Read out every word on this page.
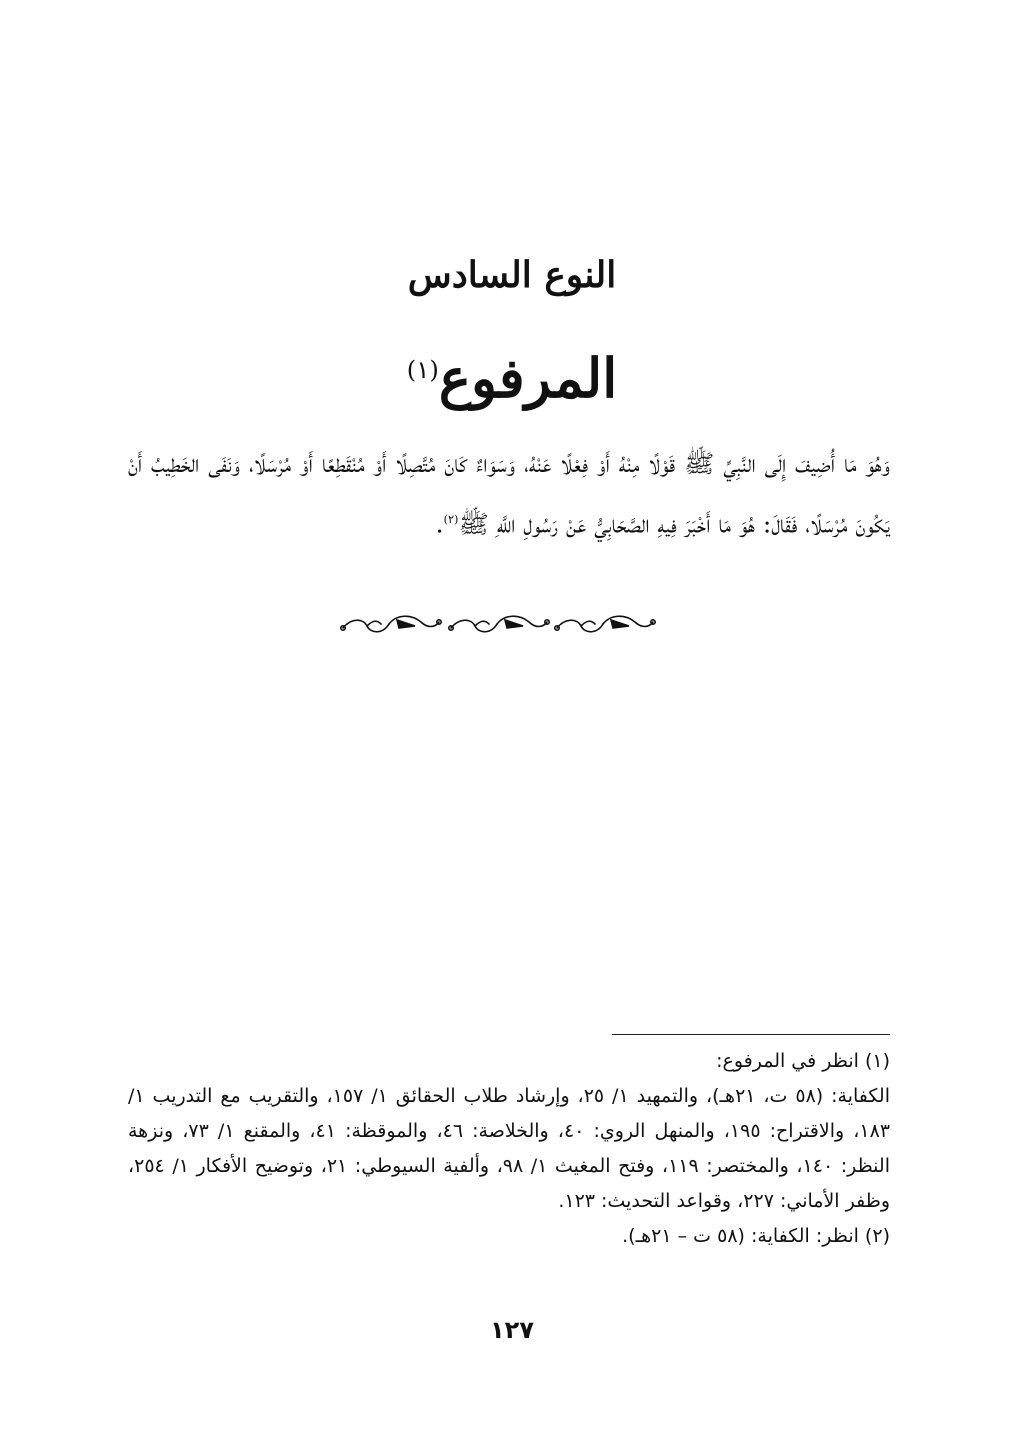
النوع السادس
المرفوع$^{(١)}$
وَهُوَ مَا أُضِيفَ إِلَى النَّبِيِّ ﷺ قَوْلًا مِنْهُ أَوْ فِعْلًا عَنْهُ، وَسَوَاءٌ كَانَ مُتَّصِلًا أَوْ مُنْقَطِعًا أَوْ مُرْسَلًا، وَنَفَى الخَطِيبُ أَنْ يَكُونَ مُرْسَلًا، فَقَالَ: هُوَ مَا أَخْبَرَ فِيهِ الصَّحَابِيُّ عَنْ رَسُولِ اللَّهِ ﷺ$^{(٢)}$.

(١) انظر في المرفوع:

الكفاية: (٥٨ ت، ٢١هـ)، والتمهيد ١/ ٢٥، وإرشاد طلاب الحقائق ١/ ١٥٧، والتقريب مع التدريب ١/ ١٨٣، والاقتراح: ١٩٥، والمنهل الروي: ٤٠، والخلاصة: ٤٦، والموقظة: ٤١، والمقنع ١/ ٧٣، ونزهة النظر: ١٤٠، والمختصر: ١١٩، وفتح المغيث ١/ ٩٨، وألفية السيوطي: ٢١، وتوضيح الأفكار ١/ ٢٥٤، وظفر الأماني: ٢٢٧، وقواعد التحديث: ١٢٣.

(٢) انظر: الكفاية: (٥٨ ت – ٢١هـ).

١٢٧
